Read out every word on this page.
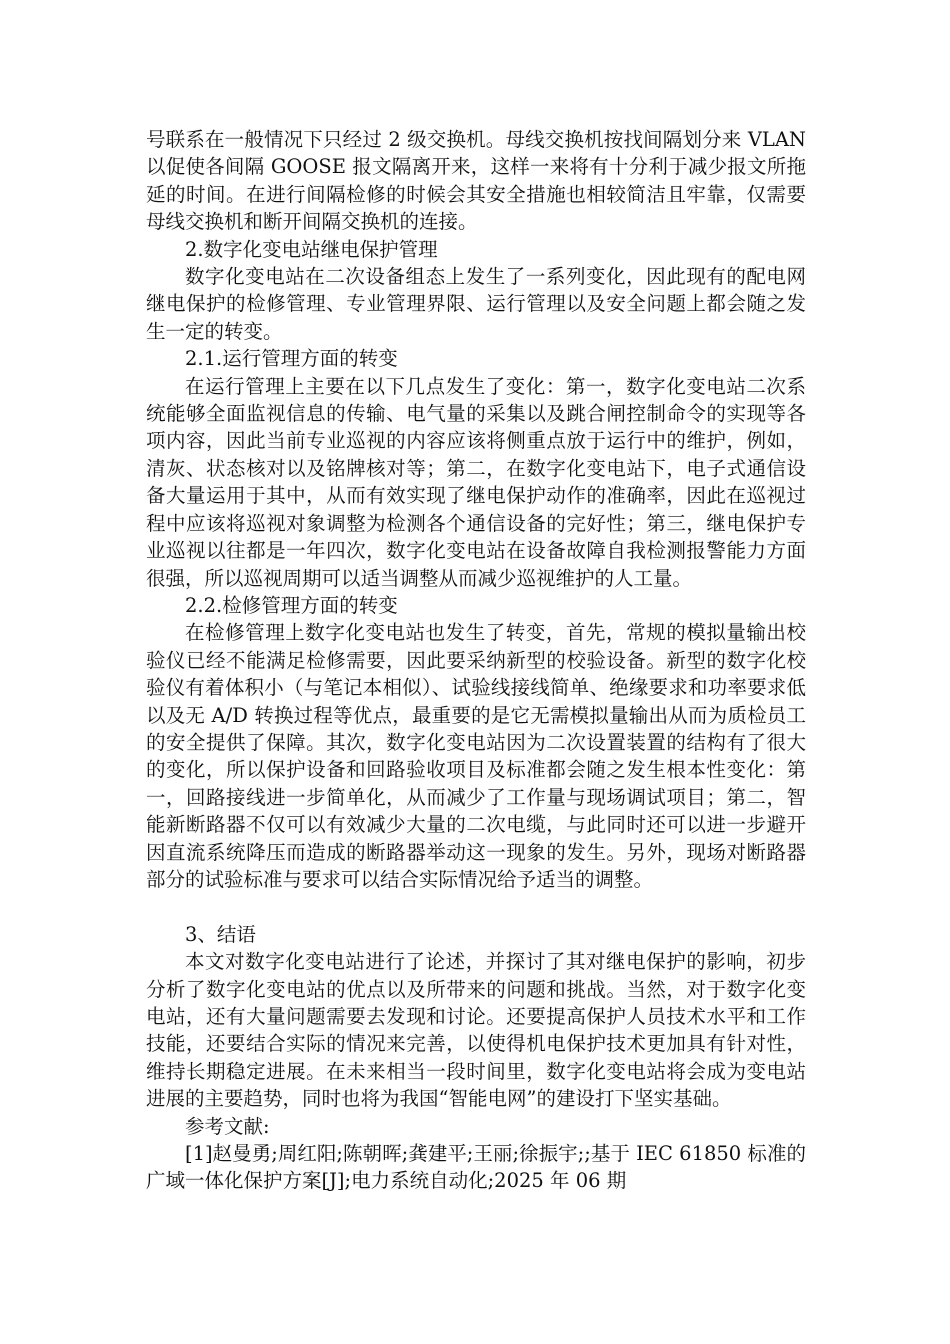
号联系在一般情况下只经过 2 级交换机。母线交换机按找间隔划分来 VLAN 以促使各间隔 GOOSE 报文隔离开来，这样一来将有十分利于减少报文所拖延的时间。在进行间隔检修的时候会其安全措施也相较简洁且牢靠，仅需要母线交换机和断开间隔交换机的连接。

2.数字化变电站继电保护管理

数字化变电站在二次设备组态上发生了一系列变化，因此现有的配电网继电保护的检修管理、专业管理界限、运行管理以及安全问题上都会随之发生一定的转变。

2.1.运行管理方面的转变

在运行管理上主要在以下几点发生了变化：第一，数字化变电站二次系统能够全面监视信息的传输、电气量的采集以及跳合闸控制命令的实现等各项内容，因此当前专业巡视的内容应该将侧重点放于运行中的维护，例如，清灰、状态核对以及铭牌核对等；第二，在数字化变电站下，电子式通信设备大量运用于其中，从而有效实现了继电保护动作的准确率，因此在巡视过程中应该将巡视对象调整为检测各个通信设备的完好性；第三，继电保护专业巡视以往都是一年四次，数字化变电站在设备故障自我检测报警能力方面很强，所以巡视周期可以适当调整从而减少巡视维护的人工量。

2.2.检修管理方面的转变

在检修管理上数字化变电站也发生了转变，首先，常规的模拟量输出校验仪已经不能满足检修需要，因此要采纳新型的校验设备。新型的数字化校验仪有着体积小（与笔记本相似）、试验线接线简单、绝缘要求和功率要求低以及无 A/D 转换过程等优点，最重要的是它无需模拟量输出从而为质检员工的安全提供了保障。其次，数字化变电站因为二次设置装置的结构有了很大的变化，所以保护设备和回路验收项目及标准都会随之发生根本性变化：第一，回路接线进一步简单化，从而减少了工作量与现场调试项目；第二，智能新断路器不仅可以有效减少大量的二次电缆，与此同时还可以进一步避开因直流系统降压而造成的断路器举动这一现象的发生。另外，现场对断路器部分的试验标准与要求可以结合实际情况给予适当的调整。

3、结语

本文对数字化变电站进行了论述，并探讨了其对继电保护的影响，初步分析了数字化变电站的优点以及所带来的问题和挑战。当然，对于数字化变电站，还有大量问题需要去发现和讨论。还要提高保护人员技术水平和工作技能，还要结合实际的情况来完善，以使得机电保护技术更加具有针对性，维持长期稳定进展。在未来相当一段时间里，数字化变电站将会成为变电站进展的主要趋势，同时也将为我国“智能电网”的建设打下坚实基础。

参考文献:

[1]赵曼勇;周红阳;陈朝晖;龚建平;王丽;徐振宇;;基于 IEC 61850 标准的广域一体化保护方案[J];电力系统自动化;2025 年 06 期
